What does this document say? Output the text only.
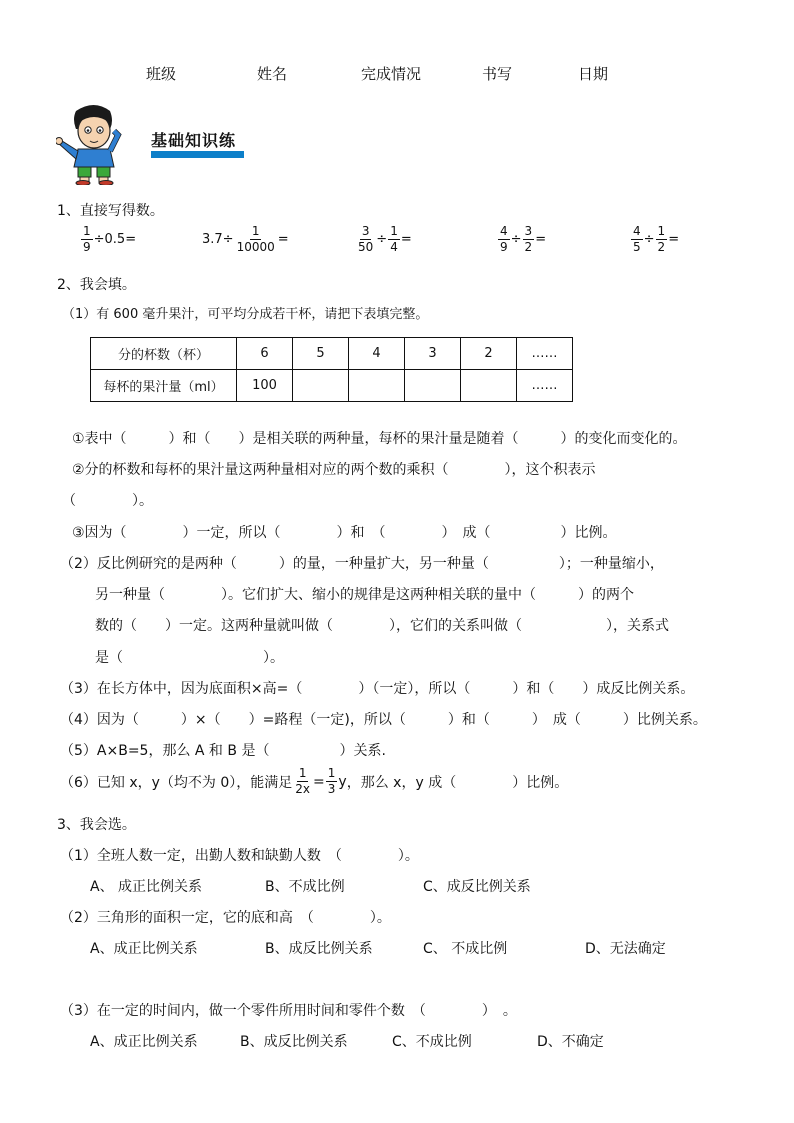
班级	姓名	完成情况	书写	日期
基础知识练
1、直接写得数。
$\frac{1}{9} \div 0.5=$	$3.7\div \frac{1}{10000}$ =	$\frac{3}{50} \div \frac{1}{4}$ =	$\frac{4}{9} \div \frac{3}{2}$ =	$\frac{4}{5} \div \frac{1}{2}$ =
2、我会填。
（1）有 600 毫升果汁，可平均分成若干杯，请把下表填完整。
分的杯数（杯）	6	5	4	3	2	……
每杯的果汁量（ml）	100					……
①表中（　　　）和（　　）是相关联的两种量，每杯的果汁量是随着（　　　）的变化而变化的。
②分的杯数和每杯的果汁量这两种量相对应的两个数的乘积（　　　　），这个积表示
（　　　　）。
③因为（　　　　）一定，所以（　　　　）和　（　　　　）　成（　　　　　）比例。
（2）反比例研究的是两种（　　　）的量，一种量扩大，另一种量（　　　　　）；一种量缩小，
另一种量（　　　　）。它们扩大、缩小的规律是这两种相关联的量中（　　　）的两个
数的（　　）一定。这两种量就叫做（　　　　），它们的关系叫做（　　　　　　），关系式
是（　　　　　　　　　　）。
（3）在长方体中，因为底面积×高=（　　　　）（一定），所以（　　　）和（　　）成反比例关系。
（4）因为（　　　）×（　　）=路程（一定)，所以（　　　）和（　　　）　成（　　　）比例关系。
（5）A×B=5，那么 A 和 B 是（　　　　　）关系.
（6）已知 x，y（均不为 0），能满足 $\frac{1}{2x} = \frac{1}{3}$ y ，那么 x，y 成（　　　　）比例。
3、我会选。
（1）全班人数一定，出勤人数和缺勤人数　（　　　　）。
A、 成正比例关系	B、不成比例	C、成反比例关系
（2）三角形的面积一定，它的底和高　（　　　　）。
A、成正比例关系	B、成反比例关系	C、 不成比例	D、无法确定
（3）在一定的时间内，做一个零件所用时间和零件个数　（　　　　）　。
A、成正比例关系	B、成反比例关系	C、不成比例	D、不确定
